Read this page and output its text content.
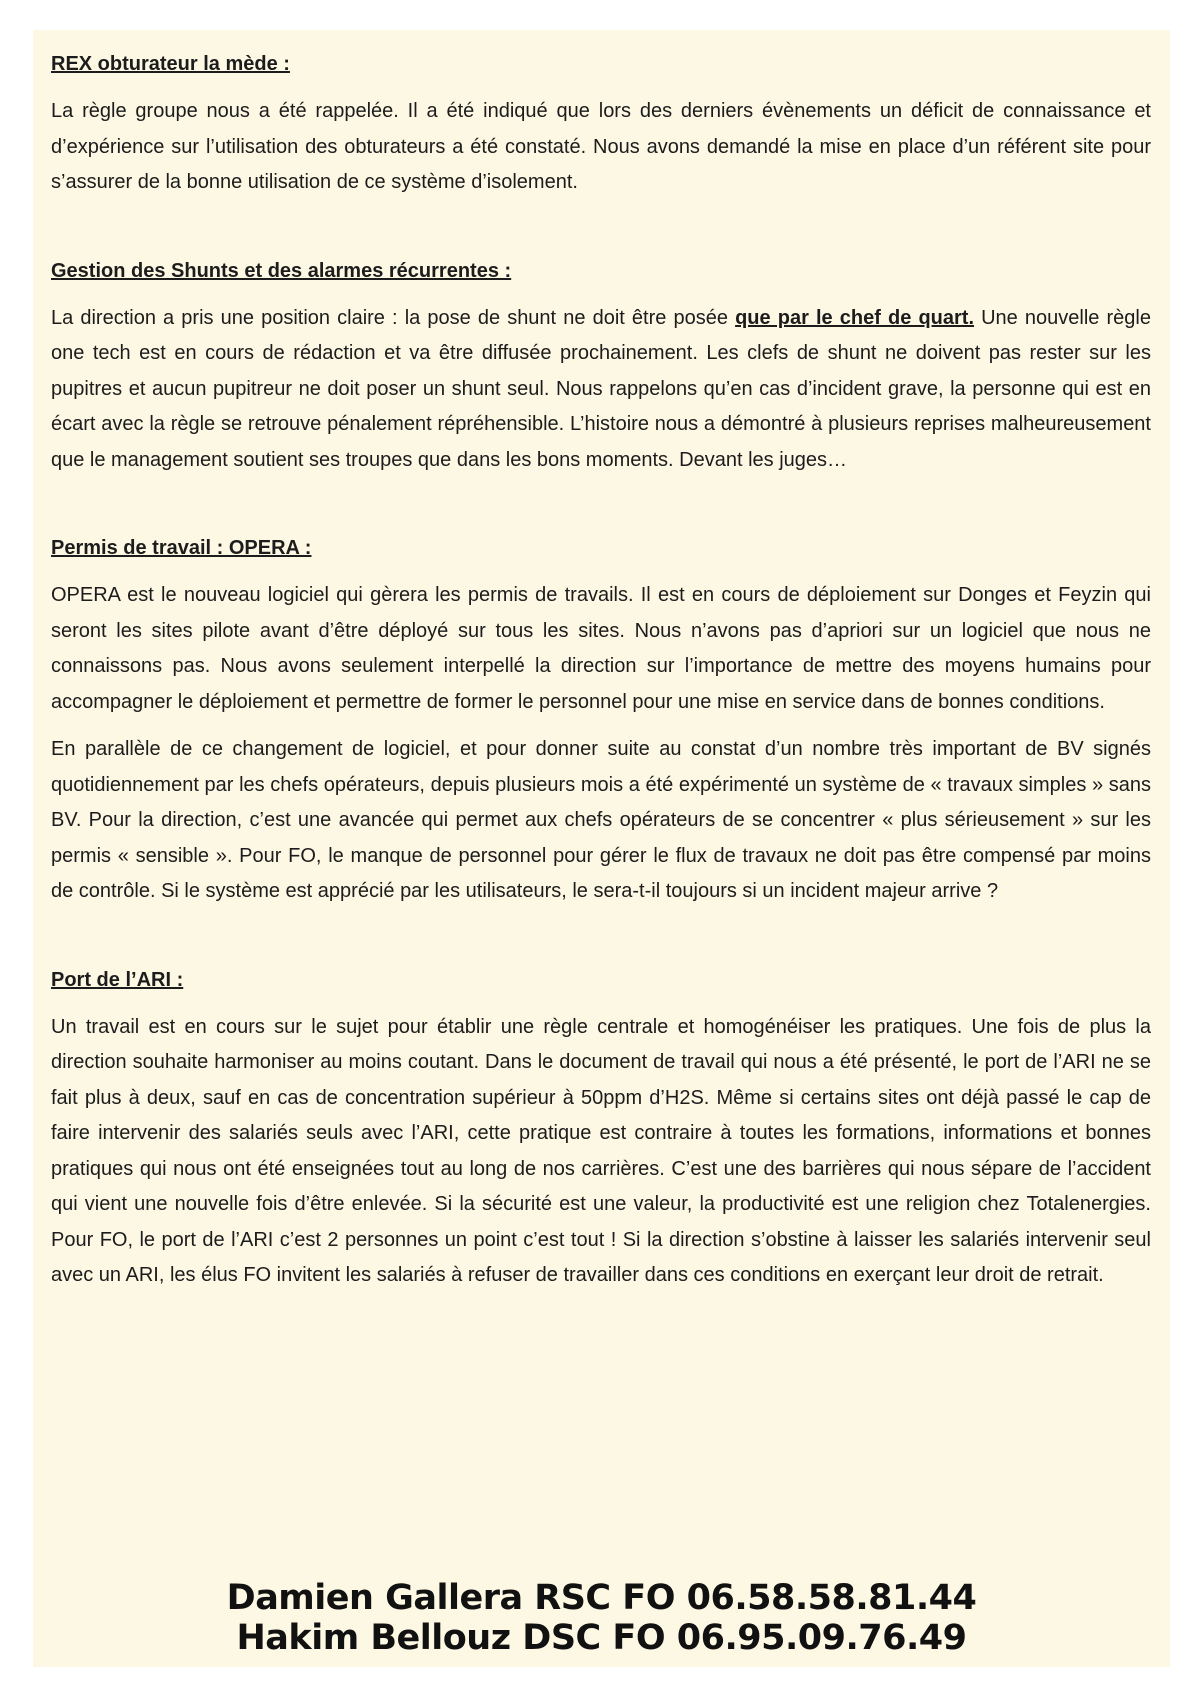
REX obturateur la mède :

La règle groupe nous a été rappelée. Il a été indiqué que lors des derniers évènements un déficit de connaissance et d’expérience sur l’utilisation des obturateurs a été constaté. Nous avons demandé la mise en place d’un référent site pour s’assurer de la bonne utilisation de ce système d’isolement.

Gestion des Shunts et des alarmes récurrentes :

La direction a pris une position claire : la pose de shunt ne doit être posée que par le chef de quart. Une nouvelle règle one tech est en cours de rédaction et va être diffusée prochainement. Les clefs de shunt ne doivent pas rester sur les pupitres et aucun pupitreur ne doit poser un shunt seul. Nous rappelons qu’en cas d’incident grave, la personne qui est en écart avec la règle se retrouve pénalement répréhensible. L’histoire nous a démontré à plusieurs reprises malheureusement que le management soutient ses troupes que dans les bons moments. Devant les juges…

Permis de travail : OPERA :

OPERA est le nouveau logiciel qui gèrera les permis de travails. Il est en cours de déploiement sur Donges et Feyzin qui seront les sites pilote avant d’être déployé sur tous les sites. Nous n’avons pas d’apriori sur un logiciel que nous ne connaissons pas. Nous avons seulement interpellé la direction sur l’importance de mettre des moyens humains pour accompagner le déploiement et permettre de former le personnel pour une mise en service dans de bonnes conditions.

En parallèle de ce changement de logiciel, et pour donner suite au constat d’un nombre très important de BV signés quotidiennement par les chefs opérateurs, depuis plusieurs mois a été expérimenté un système de « travaux simples » sans BV. Pour la direction, c’est une avancée qui permet aux chefs opérateurs de se concentrer « plus sérieusement » sur les permis « sensible ». Pour FO, le manque de personnel pour gérer le flux de travaux ne doit pas être compensé par moins de contrôle. Si le système est apprécié par les utilisateurs, le sera-t-il toujours si un incident majeur arrive ?

Port de l’ARI :

Un travail est en cours sur le sujet pour établir une règle centrale et homogénéiser les pratiques. Une fois de plus la direction souhaite harmoniser au moins coutant. Dans le document de travail qui nous a été présenté, le port de l’ARI ne se fait plus à deux, sauf en cas de concentration supérieur à 50ppm d’H2S. Même si certains sites ont déjà passé le cap de faire intervenir des salariés seuls avec l’ARI, cette pratique est contraire à toutes les formations, informations et bonnes pratiques qui nous ont été enseignées tout au long de nos carrières. C’est une des barrières qui nous sépare de l’accident qui vient une nouvelle fois d’être enlevée. Si la sécurité est une valeur, la productivité est une religion chez Totalenergies. Pour FO, le port de l’ARI c’est 2 personnes un point c’est tout ! Si la direction s’obstine à laisser les salariés intervenir seul avec un ARI, les élus FO invitent les salariés à refuser de travailler dans ces conditions en exerçant leur droit de retrait.

Damien Gallera RSC FO 06.58.58.81.44
Hakim Bellouz DSC FO 06.95.09.76.49
